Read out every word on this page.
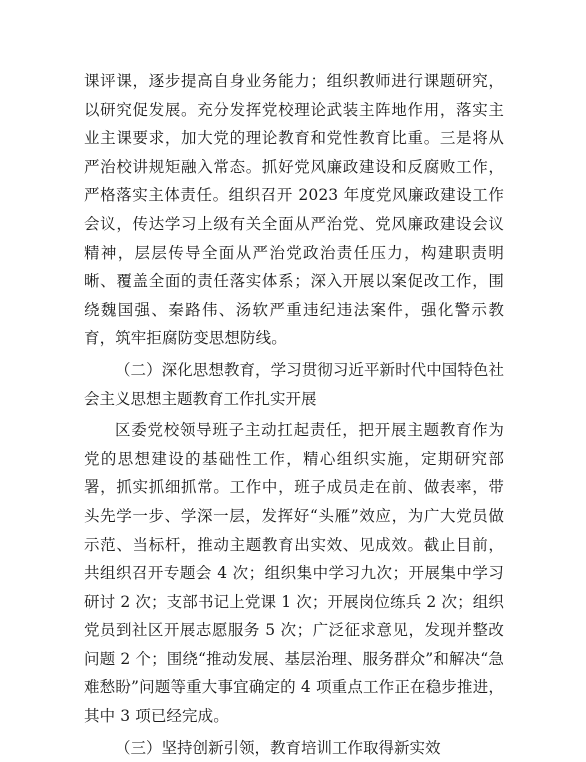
课评课，逐步提高自身业务能力；组织教师进行课题研究，以研究促发展。充分发挥党校理论武装主阵地作用，落实主业主课要求，加大党的理论教育和党性教育比重。三是将从严治校讲规矩融入常态。抓好党风廉政建设和反腐败工作，严格落实主体责任。组织召开 2023 年度党风廉政建设工作会议，传达学习上级有关全面从严治党、党风廉政建设会议精神，层层传导全面从严治党政治责任压力，构建职责明晰、覆盖全面的责任落实体系；深入开展以案促改工作，围绕魏国强、秦路伟、汤软严重违纪违法案件，强化警示教育，筑牢拒腐防变思想防线。

（二）深化思想教育，学习贯彻习近平新时代中国特色社会主义思想主题教育工作扎实开展

区委党校领导班子主动扛起责任，把开展主题教育作为党的思想建设的基础性工作，精心组织实施，定期研究部署，抓实抓细抓常。工作中，班子成员走在前、做表率，带头先学一步、学深一层，发挥好“头雁”效应，为广大党员做示范、当标杆，推动主题教育出实效、见成效。截止目前，共组织召开专题会 4 次；组织集中学习九次；开展集中学习研讨 2 次；支部书记上党课 1 次；开展岗位练兵 2 次；组织党员到社区开展志愿服务 5 次；广泛征求意见，发现并整改问题 2 个；围绕“推动发展、基层治理、服务群众”和解决“急难愁盼”问题等重大事宜确定的 4 项重点工作正在稳步推进，其中 3 项已经完成。

（三）坚持创新引领，教育培训工作取得新实效
